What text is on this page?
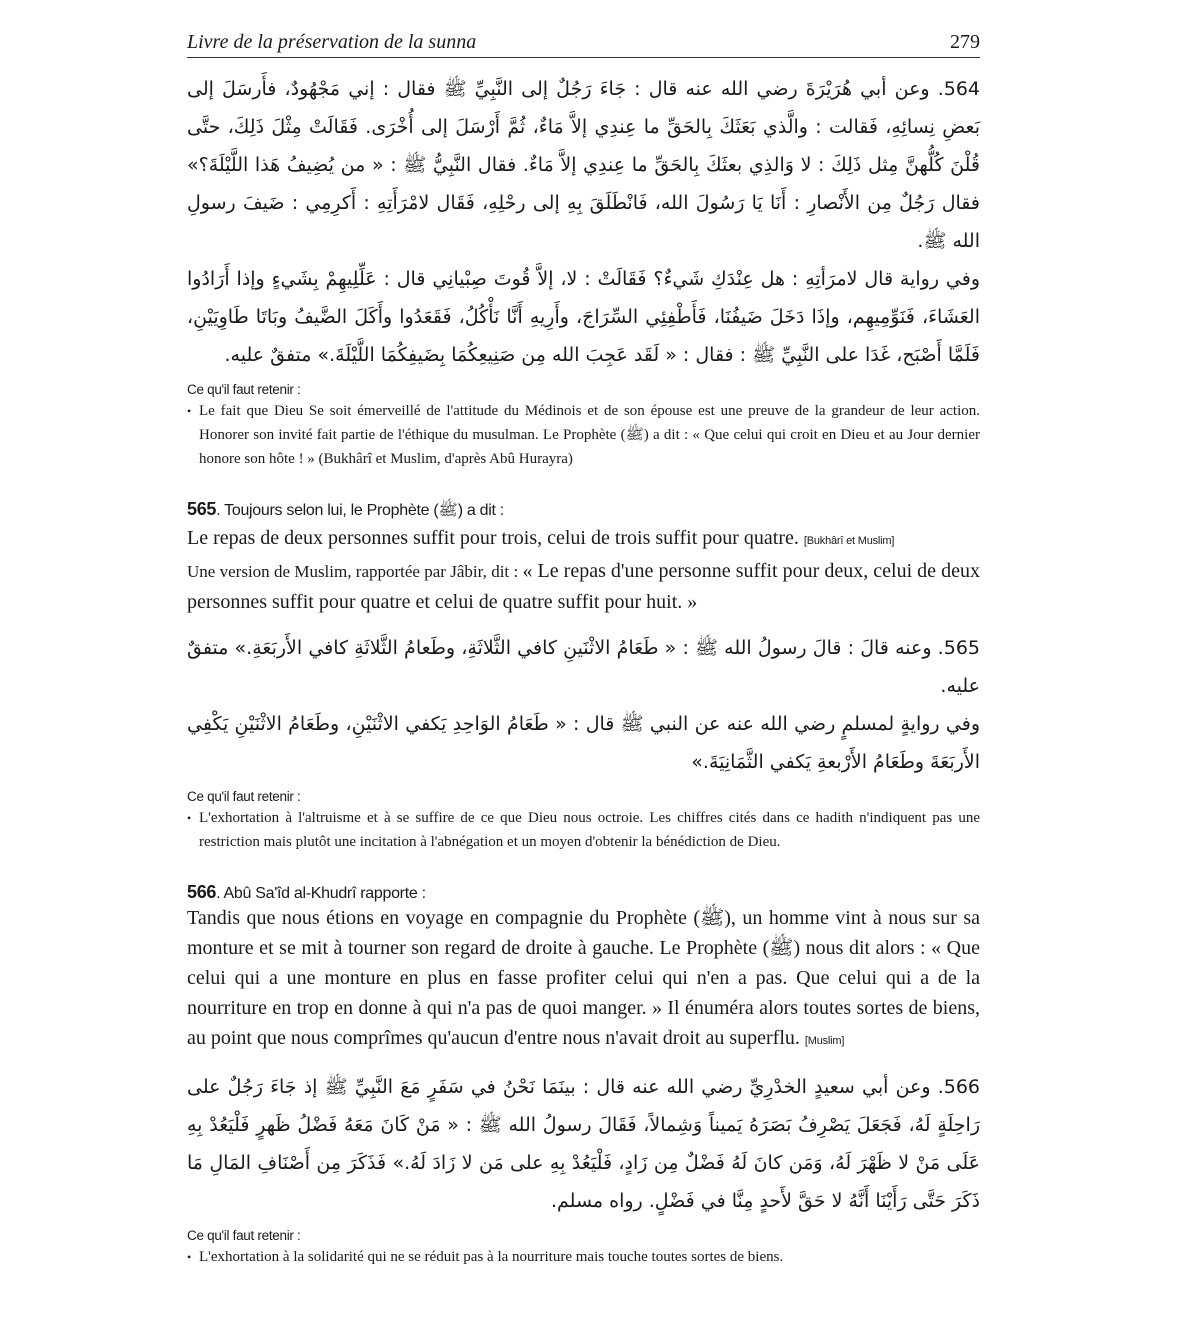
Livre de la préservation de la sunna	279

564. وعن أبي هُرَيْرَةَ رضي الله عنه قال : جَاءَ رَجُلٌ إلى النَّبِيِّ ﷺ فقال : إني مَجْهُودٌ، فأَرسَلَ إلى بَعضِ نِسائِهِ، فَقالت : والَّذي بَعَثَكَ بِالحَقِّ ما عِندِي إلاَّ مَاءٌ، ثُمَّ أَرْسَلَ إلى أُخْرَى. فَقَالَتْ مِثْلَ ذَلِكَ، حتَّى قُلْنَ كُلُّهنَّ مِثل ذَلِكَ : لا وَالذِي بعثَكَ بِالحَقِّ ما عِندِي إلاَّ مَاءٌ. فقال النَّبِيُّ ﷺ : « من يُضِيفُ هَذا اللَّيْلَةَ؟» فقال رَجُلٌ مِن الأَنْصارِ : أَنَا يَا رَسُولَ الله، فَانْطَلَقَ بِهِ إلى رحْلِهِ، فَقَال لامْرَأَتِهِ : أَكرِمِي : ضَيفَ رسولِ الله ﷺ.

وفي رواية قال لامرَأتِهِ : هل عِنْدَكِ شَيءٌ؟ فَقَالَتْ : لا، إلاَّ قُوتَ صِبْيانِي قال : عَلِّلِيهِمْ بِشَيءٍ وإذا أَرَادُوا العَشَاءَ، فَنَوِّمِيهِم، وإذَا دَخَلَ ضَيفُنَا، فَأَطْفِئِي السِّرَاجَ، وأَرِيهِ أَنَّا نَأْكُلُ، فَقَعَدُوا وأَكَلَ الضَّيفُ وبَاتَا طَاوِيَيْنِ، فَلَمَّا أَصْبَح، غَدَا على النَّبِيِّ ﷺ : فقال : « لَقَد عَجِبَ الله مِن صَنِيعِكُمَا بِضَيفِكُمَا اللَّيْلَةَ.» متفقٌ عليه.

Ce qu'il faut retenir :
• Le fait que Dieu Se soit émerveillé de l'attitude du Médinois et de son épouse est une preuve de la grandeur de leur action. Honorer son invité fait partie de l'éthique du musulman. Le Prophète (ﷺ) a dit : « Que celui qui croit en Dieu et au Jour dernier honore son hôte ! » (Bukhârî et Muslim, d'après Abû Hurayra)
565. Toujours selon lui, le Prophète (ﷺ) a dit :
Le repas de deux personnes suffit pour trois, celui de trois suffit pour quatre. [Bukhârî et Muslim]
Une version de Muslim, rapportée par Jâbir, dit : « Le repas d'une personne suffit pour deux, celui de deux personnes suffit pour quatre et celui de quatre suffit pour huit. »

565. وعنه قالَ : قالَ رسولُ الله ﷺ : « طَعَامُ الاثْنَينِ كافي الثَّلاثَةِ، وطَعامُ الثَّلاثَةِ كافي الأَربَعَةِ.» متفقٌ عليه.

وفي روايةٍ لمسلمٍ رضي الله عنه عن النبي ﷺ قال : « طَعَامُ الوَاحِدِ يَكفي الاثْنَيْنِ، وطَعَامُ الاثْنَيْنِ يَكْفِي الأَربَعَةَ وطَعَامُ الأَرْبعةِ يَكفي الثَّمَانِيَةَ.»

Ce qu'il faut retenir :
• L'exhortation à l'altruisme et à se suffire de ce que Dieu nous octroie. Les chiffres cités dans ce hadith n'indiquent pas une restriction mais plutôt une incitation à l'abnégation et un moyen d'obtenir la bénédiction de Dieu.
566. Abû Sa'îd al-Khudrî rapporte :
Tandis que nous étions en voyage en compagnie du Prophète (ﷺ), un homme vint à nous sur sa monture et se mit à tourner son regard de droite à gauche. Le Prophète (ﷺ) nous dit alors : « Que celui qui a une monture en plus en fasse profiter celui qui n'en a pas. Que celui qui a de la nourriture en trop en donne à qui n'a pas de quoi manger. » Il énuméra alors toutes sortes de biens, au point que nous comprîmes qu'aucun d'entre nous n'avait droit au superflu. [Muslim]

566. وعن أبي سعيدٍ الخدْرِيِّ رضي الله عنه قال : بينَمَا نَحْنُ في سَفَرٍ مَعَ النَّبِيِّ ﷺ إذ جَاءَ رَجُلٌ على رَاحِلَةٍ لَهُ، فَجَعَلَ يَصْرِفُ بَصَرَهُ يَميناً وَشِمالاً، فَقَالَ رسولُ الله ﷺ : « مَنْ كَانَ مَعَهُ فَضْلُ ظَهرٍ فَلْيَعُدْ بِهِ عَلَى مَنْ لا ظَهْرَ لَهُ، وَمَن كانَ لَهُ فَضْلٌ مِن زَادٍ، فَلْيَعُدْ بِهِ على مَن لا زَادَ لَهُ.» فَذَكَرَ مِن أَصْنَافِ المَالِ مَا ذَكَرَ حَتَّى رَأَيْنَا أَنَّهُ لا حَقَّ لأَحدٍ مِنَّا في فَضْلٍ. رواه مسلم.

Ce qu'il faut retenir :
• L'exhortation à la solidarité qui ne se réduit pas à la nourriture mais touche toutes sortes de biens.
